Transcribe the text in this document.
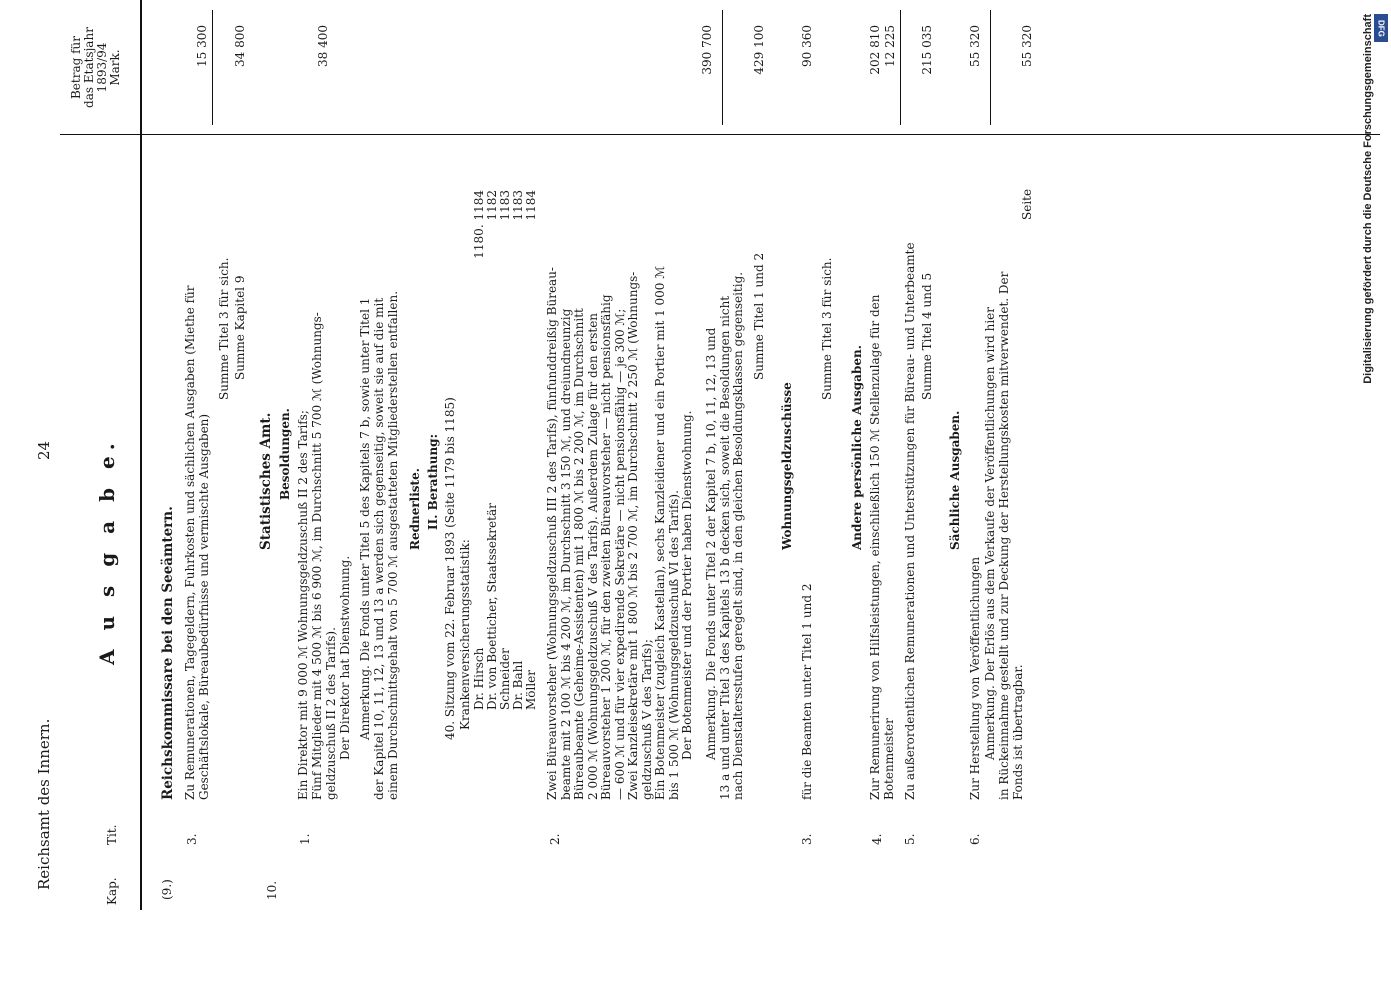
Reichsamt des Innern.
24
Kap.
Tit.
A u s g a b e.
Betrag für das Etatsjahr 1893/94 Mark.
(9.)
Reichskommissare bei den Seeämtern.
3.
Zu Remunerationen, Tagegeldern, Fuhrkosten und sächlichen Ausgaben (Miethe für Geschäftslokale, Büreaubedürfnisse und vermischte Ausgaben)
15 300
Summe Titel 3 für sich. Summe Kapitel 9
34 800
10.
Statistisches Amt. Besoldungen.
1.
Ein Direktor mit 9 000 ℳ Wohnungsgeldzuschuß II 2 des Tarifs; Fünf Mitglieder mit 4 500 ℳ bis 6 900 ℳ, im Durchschnitt 5 700 ℳ (Wohnungs- geldzuschuß II 2 des Tarifs). Der Direktor hat Dienstwohnung. Anmerkung. Die Fonds unter Titel 5 des Kapitels 7 b, sowie unter Titel 1 der Kapitel 10, 11, 12, 13 und 13 a werden sich gegenseitig, soweit sie auf die mit einem Durchschnittsgehalt von 5 700 ℳ ausgestatteten Mitgliederstellen entfallen.
38 400
Rednerliste. II. Berathung: 40. Sitzung vom 22. Februar 1893 (Seite 1179 bis 1185) Krankenversicherungsstatistik: Dr. Hirsch
1180. 1184
Dr. von Boetticher, Staatssekretär
1182
Schneider
1183
Dr. Bahl
1183
Möller
1184
2.
Zwei Büreauvorsteher (Wohnungsgeldzuschuß III 2 des Tarifs), fünfunddreißig Büreau- beamte mit 2 100 ℳ bis 4 200 ℳ, im Durchschnitt 3 150 ℳ, und dreiundneunzig Büreaubeamte (Geheime-Assistenten) mit 1 800 ℳ bis 2 200 ℳ, im Durchschnitt 2 000 ℳ (Wohnungsgeldzuschuß V des Tarifs). Außerdem Zulage für den ersten Büreauvorsteher 1 200 ℳ, für den zweiten Büreauvorsteher — nicht pensionsfähig — 600 ℳ und für vier expedirende Sekretäre — nicht pensionsfähig — je 300 ℳ; Zwei Kanzleisekretäre mit 1 800 ℳ bis 2 700 ℳ, im Durchschnitt 2 250 ℳ (Wohnungs- geldzuschuß V des Tarifs); Ein Botenmeister (zugleich Kastellan), sechs Kanzleidiener und ein Portier mit 1 000 ℳ bis 1 500 ℳ (Wohnungsgeldzuschuß VI des Tarifs). Der Botenmeister und der Portier haben Dienstwohnung. Anmerkung. Die Fonds unter Titel 2 der Kapitel 7 b, 10, 11, 12, 13 und 13 a und unter Titel 3 des Kapitels 13 b decken sich, soweit die Besoldungen nicht nach Dienstaltersstufen geregelt sind, in den gleichen Besoldungsklassen gegenseitig.
390 700
Summe Titel 1 und 2
429 100
Wohnungsgeldzuschüsse
3.
für die Beamten unter Titel 1 und 2
90 360
Summe Titel 3 für sich.
Andere persönliche Ausgaben.
4.
Zur Remunerirung von Hilfsleistungen, einschließlich 150 ℳ Stellenzulage für den Botenmeister
202 810
5.
Zu außerordentlichen Remunerationen und Unterstützungen für Büreau- und Unterbeamte
12 225
Summe Titel 4 und 5
215 035
Sächliche Ausgaben.
6.
Zur Herstellung von Veröffentlichungen Anmerkung. Der Erlös aus dem Verkaufe der Veröffentlichungen wird hier in Rückeinnahme gestellt und zur Deckung der Herstellungskosten mitverwendet. Der Fonds ist übertragbar.
55 320
Seite
55 320	Digitalisierung gefördert durch die Deutsche Forschungsgemeinschaft DFG
